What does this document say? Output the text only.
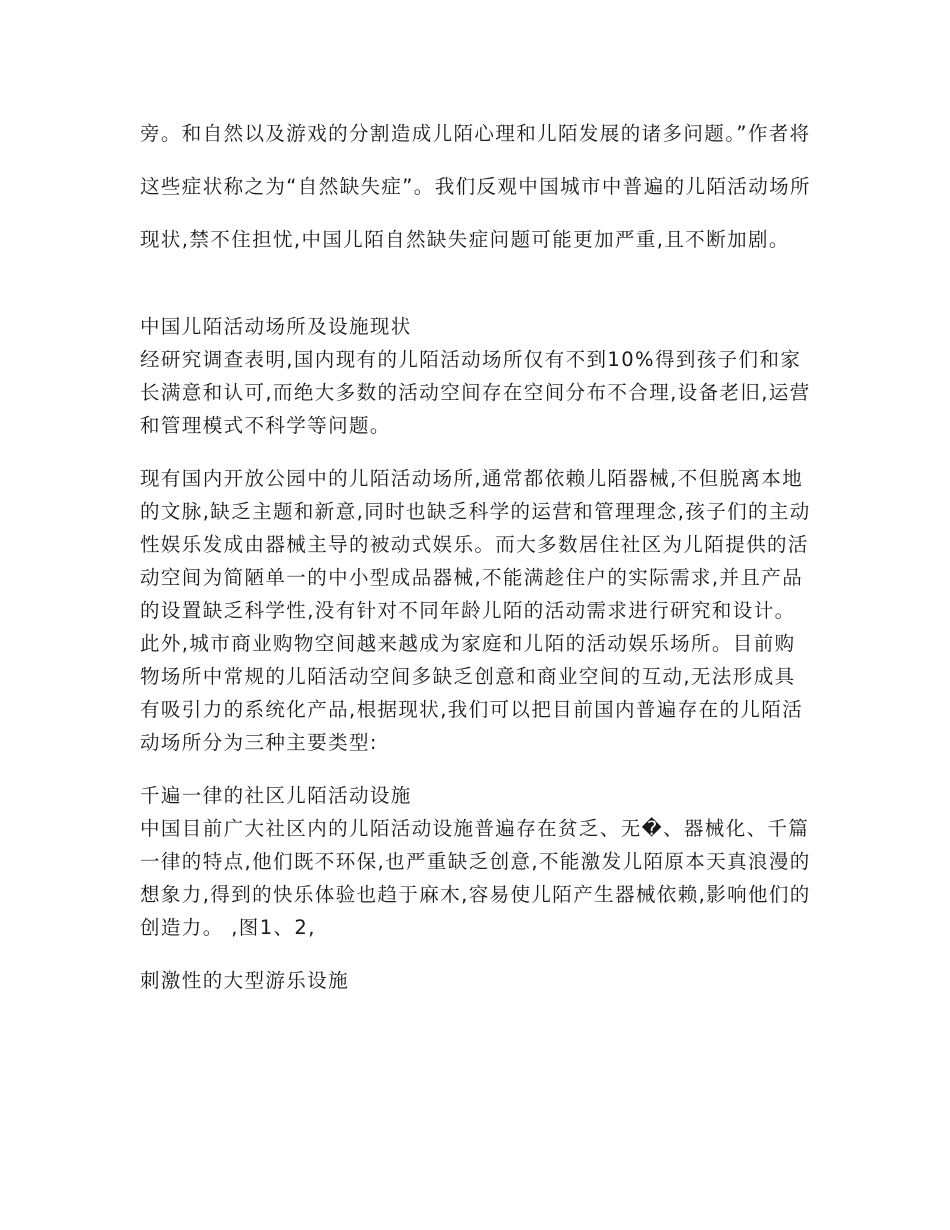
旁。和自然以及游戏的分割造成儿陌心理和儿陌发展的诸多问题。”作者将

这些症状称之为“自然缺失症”。我们反观中国城市中普遍的儿陌活动场所

现状,禁不住担忧,中国儿陌自然缺失症问题可能更加严重,且不断加剧。

中国儿陌活动场所及设施现状

经研究调查表明,国内现有的儿陌活动场所仅有不到10%得到孩子们和家长满意和认可,而绝大多数的活动空间存在空间分布不合理,设备老旧,运营和管理模式不科学等问题。

现有国内开放公园中的儿陌活动场所,通常都依赖儿陌器械,不但脱离本地的文脉,缺乏主题和新意,同时也缺乏科学的运营和管理理念,孩子们的主动性娱乐发成由器械主导的被动式娱乐。而大多数居住社区为儿陌提供的活动空间为简陋单一的中小型成品器械,不能满趁住户的实际需求,并且产品的设置缺乏科学性,没有针对不同年龄儿陌的活动需求进行研究和设计。此外,城市商业购物空间越来越成为家庭和儿陌的活动娱乐场所。目前购物场所中常规的儿陌活动空间多缺乏创意和商业空间的互动,无法形成具有吸引力的系统化产品,根据现状,我们可以把目前国内普遍存在的儿陌活动场所分为三种主要类型:

千遍一律的社区儿陌活动设施

中国目前广大社区内的儿陌活动设施普遍存在贫乏、无�、器械化、千篇一律的特点,他们既不环保,也严重缺乏创意,不能激发儿陌原本天真浪漫的想象力,得到的快乐体验也趋于麻木,容易使儿陌产生器械依赖,影响他们的创造力。 ,图1、2,

刺激性的大型游乐设施
